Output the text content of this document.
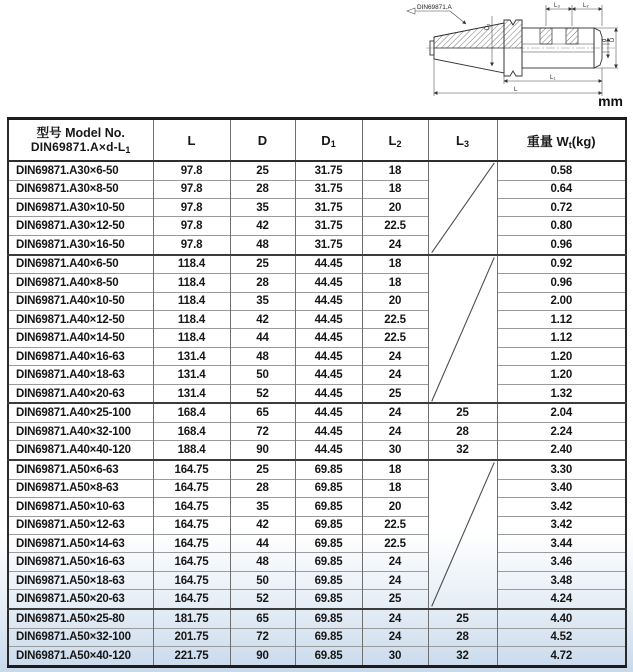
DIN69871.A
D₁
L₃	L₂
d D
L₁
L
mm
型号 Model No.
$DIN69871.A\times d-L_1$	L	D	$D_1$	$L_2$	$L_3$	重量 $W_t(kg)$
DIN69871.A30×6-50	97.8	25	31.75	18		0.58
DIN69871.A30×8-50	97.8	28	31.75	18		0.64
DIN69871.A30×10-50	97.8	35	31.75	20		0.72
DIN69871.A30×12-50	97.8	42	31.75	22.5		0.80
DIN69871.A30×16-50	97.8	48	31.75	24		0.96
DIN69871.A40×6-50	118.4	25	44.45	18		0.92
DIN69871.A40×8-50	118.4	28	44.45	18		0.96
DIN69871.A40×10-50	118.4	35	44.45	20		2.00
DIN69871.A40×12-50	118.4	42	44.45	22.5		1.12
DIN69871.A40×14-50	118.4	44	44.45	22.5		1.12
DIN69871.A40×16-63	131.4	48	44.45	24		1.20
DIN69871.A40×18-63	131.4	50	44.45	24		1.20
DIN69871.A40×20-63	131.4	52	44.45	25		1.32
DIN69871.A40×25-100	168.4	65	44.45	24	25	2.04
DIN69871.A40×32-100	168.4	72	44.45	24	28	2.24
DIN69871.A40×40-120	188.4	90	44.45	30	32	2.40
DIN69871.A50×6-63	164.75	25	69.85	18		3.30
DIN69871.A50×8-63	164.75	28	69.85	18		3.40
DIN69871.A50×10-63	164.75	35	69.85	20		3.42
DIN69871.A50×12-63	164.75	42	69.85	22.5		3.42
DIN69871.A50×14-63	164.75	44	69.85	22.5		3.44
DIN69871.A50×16-63	164.75	48	69.85	24		3.46
DIN69871.A50×18-63	164.75	50	69.85	24		3.48
DIN69871.A50×20-63	164.75	52	69.85	25		4.24
DIN69871.A50×25-80	181.75	65	69.85	24	25	4.40
DIN69871.A50×32-100	201.75	72	69.85	24	28	4.52
DIN69871.A50×40-120	221.75	90	69.85	30	32	4.72
